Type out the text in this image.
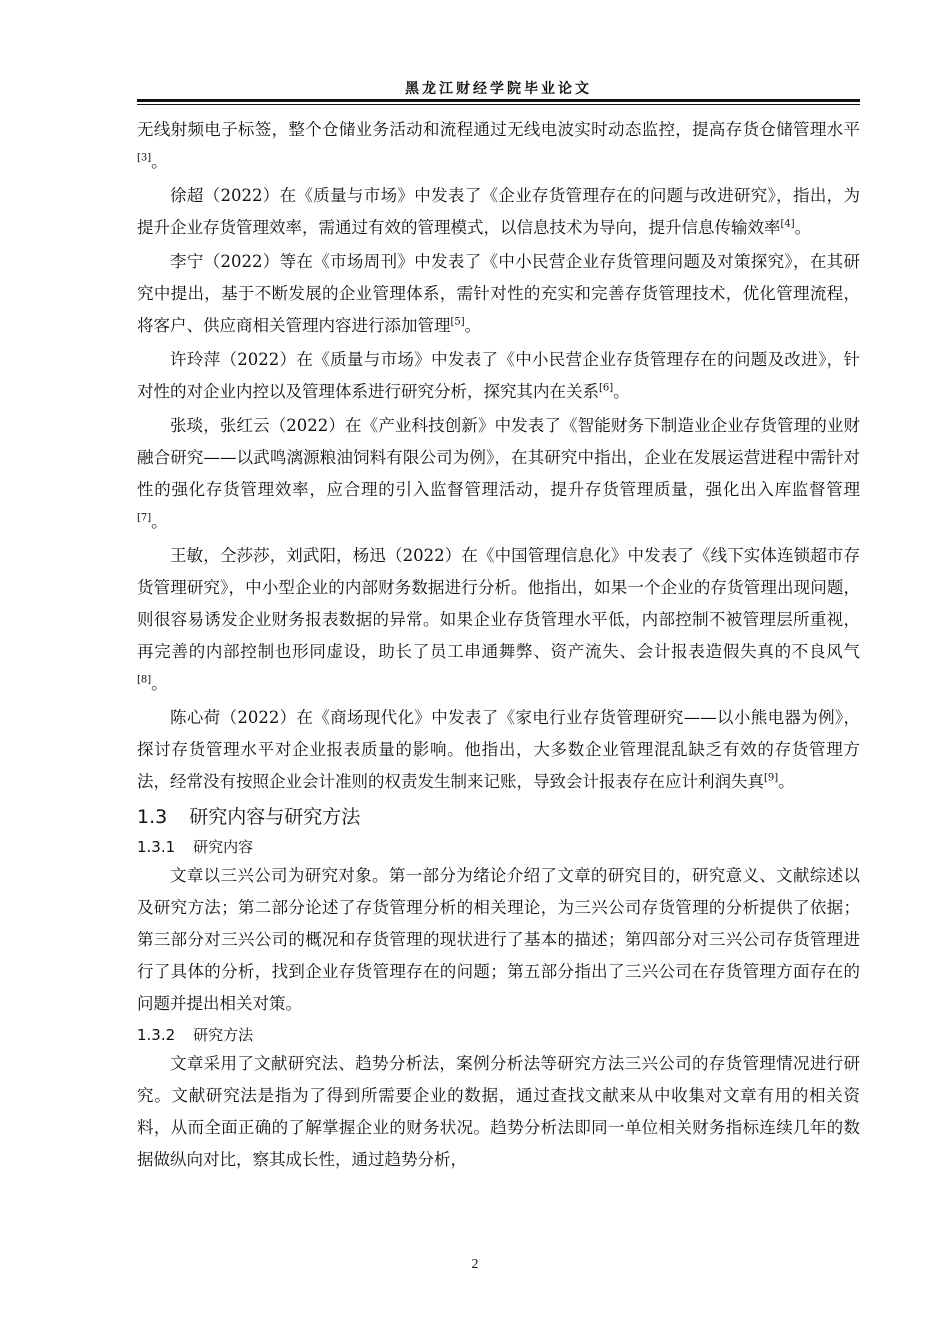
黑龙江财经学院毕业论文

无线射频电子标签，整个仓储业务活动和流程通过无线电波实时动态监控，提高存货仓储管理水平[3]。

徐超（2022）在《质量与市场》中发表了《企业存货管理存在的问题与改进研究》，指出，为提升企业存货管理效率，需通过有效的管理模式，以信息技术为导向，提升信息传输效率[4]。

李宁（2022）等在《市场周刊》中发表了《中小民营企业存货管理问题及对策探究》，在其研究中提出，基于不断发展的企业管理体系，需针对性的充实和完善存货管理技术，优化管理流程，将客户、供应商相关管理内容进行添加管理[5]。

许玲萍（2022）在《质量与市场》中发表了《中小民营企业存货管理存在的问题及改进》，针对性的对企业内控以及管理体系进行研究分析，探究其内在关系[6]。

张琰，张红云（2022）在《产业科技创新》中发表了《智能财务下制造业企业存货管理的业财融合研究——以武鸣漓源粮油饲料有限公司为例》，在其研究中指出，企业在发展运营进程中需针对性的强化存货管理效率，应合理的引入监督管理活动，提升存货管理质量，强化出入库监督管理[7]。

王敏，仝莎莎，刘武阳，杨迅（2022）在《中国管理信息化》中发表了《线下实体连锁超市存货管理研究》，中小型企业的内部财务数据进行分析。他指出，如果一个企业的存货管理出现问题，则很容易诱发企业财务报表数据的异常。如果企业存货管理水平低，内部控制不被管理层所重视，再完善的内部控制也形同虚设，助长了员工串通舞弊、资产流失、会计报表造假失真的不良风气[8]。

陈心荷（2022）在《商场现代化》中发表了《家电行业存货管理研究——以小熊电器为例》，探讨存货管理水平对企业报表质量的影响。他指出，大多数企业管理混乱缺乏有效的存货管理方法，经常没有按照企业会计准则的权责发生制来记账，导致会计报表存在应计利润失真[9]。

1.3 研究内容与研究方法
1.3.1 研究内容

文章以三兴公司为研究对象。第一部分为绪论介绍了文章的研究目的，研究意义、文献综述以及研究方法；第二部分论述了存货管理分析的相关理论，为三兴公司存货管理的分析提供了依据；第三部分对三兴公司的概况和存货管理的现状进行了基本的描述；第四部分对三兴公司存货管理进行了具体的分析，找到企业存货管理存在的问题；第五部分指出了三兴公司在存货管理方面存在的问题并提出相关对策。

1.3.2 研究方法

文章采用了文献研究法、趋势分析法，案例分析法等研究方法三兴公司的存货管理情况进行研究。文献研究法是指为了得到所需要企业的数据，通过查找文献来从中收集对文章有用的相关资料，从而全面正确的了解掌握企业的财务状况。趋势分析法即同一单位相关财务指标连续几年的数据做纵向对比，察其成长性，通过趋势分析，

2
